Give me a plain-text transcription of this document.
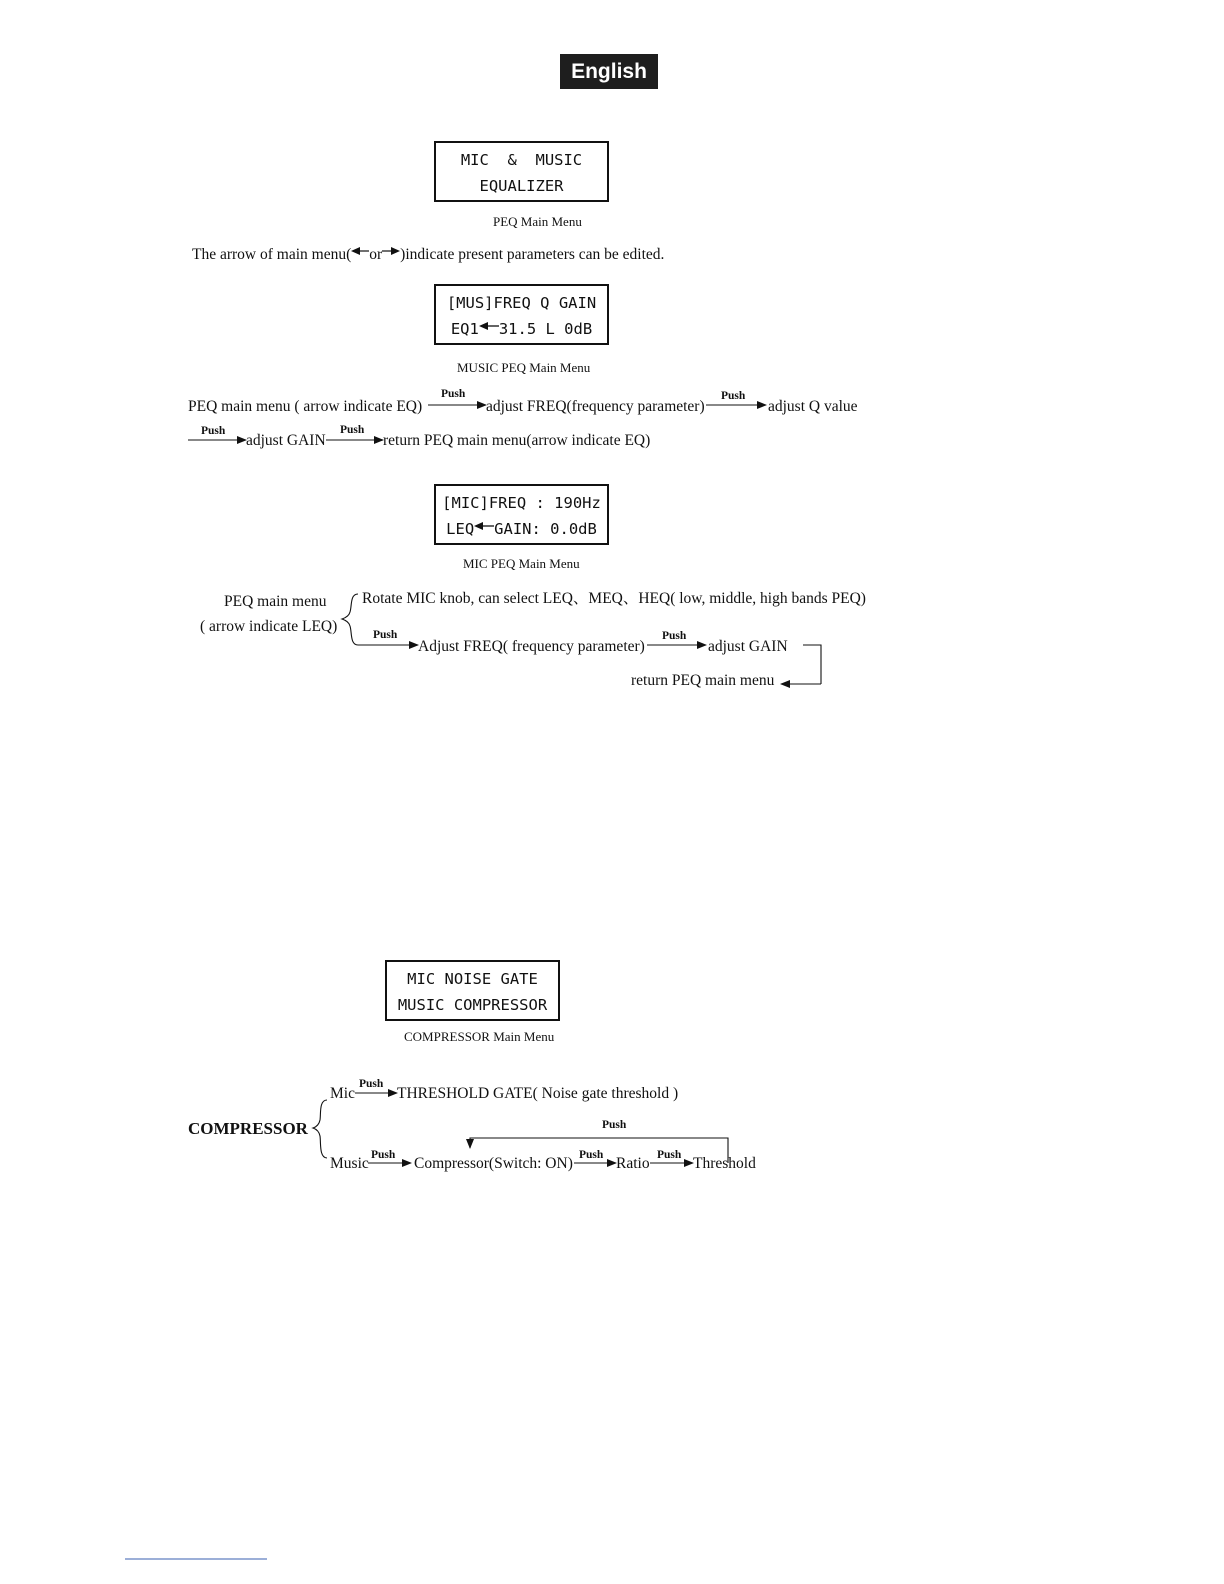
English
MIC  &  MUSIC
EQUALIZER
PEQ Main Menu
The arrow of main menu( or )indicate present parameters can be edited.
[MUS]FREQ Q GAIN
EQ1 31.5 L 0dB
MUSIC PEQ Main Menu
PEQ main menu ( arrow indicate EQ)
Push
adjust FREQ(frequency parameter)
Push
adjust Q value
Push
adjust GAIN
Push
return PEQ main menu(arrow indicate EQ)
[MIC]FREQ : 190Hz
LEQ GAIN: 0.0dB
MIC PEQ Main Menu
PEQ main menu
( arrow indicate LEQ)
Rotate MIC knob, can select LEQ、MEQ、HEQ( low, middle, high bands PEQ)
Push
Adjust FREQ( frequency parameter)
Push
adjust GAIN
return PEQ main menu
MIC NOISE GATE
MUSIC COMPRESSOR
COMPRESSOR Main Menu
COMPRESSOR
Mic
Push
THRESHOLD GATE( Noise gate threshold )
Push
Music Push Compressor(Switch: ON) Push Ratio Push Threshold
